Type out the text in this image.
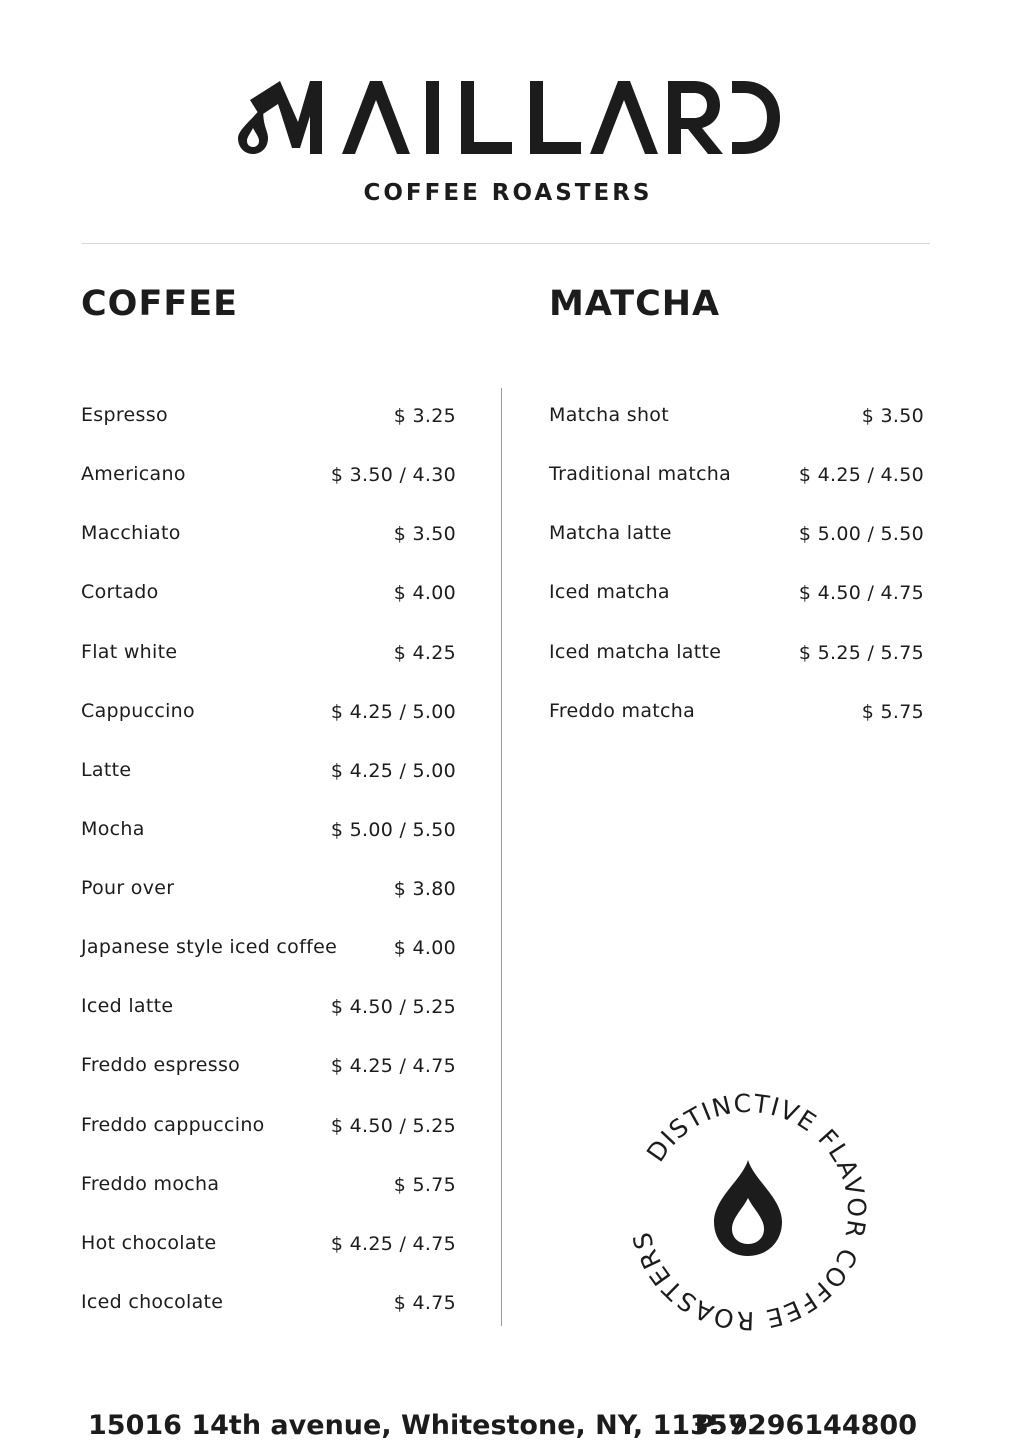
COFFEE ROASTERS
COFFEE
Espresso	$ 3.25
Americano	$ 3.50 / 4.30
Macchiato	$ 3.50
Cortado	$ 4.00
Flat white	$ 4.25
Cappuccino	$ 4.25 / 5.00
Latte	$ 4.25 / 5.00
Mocha	$ 5.00 / 5.50
Pour over	$ 3.80
Japanese style iced coffee	$ 4.00
Iced latte	$ 4.50 / 5.25
Freddo espresso	$ 4.25 / 4.75
Freddo cappuccino	$ 4.50 / 5.25
Freddo mocha	$ 5.75
Hot chocolate	$ 4.25 / 4.75
Iced chocolate	$ 4.75
MATCHA
Matcha shot	$ 3.50
Traditional matcha	$ 4.25 / 4.50
Matcha latte	$ 5.00 / 5.50
Iced matcha	$ 4.50 / 4.75
Iced matcha latte	$ 5.25 / 5.75
Freddo matcha	$ 5.75
DISTINCTIVE FLAVOR COFFEE ROASTERS
15016 14th avenue, Whitestone, NY, 11357.
P. 9296144800
